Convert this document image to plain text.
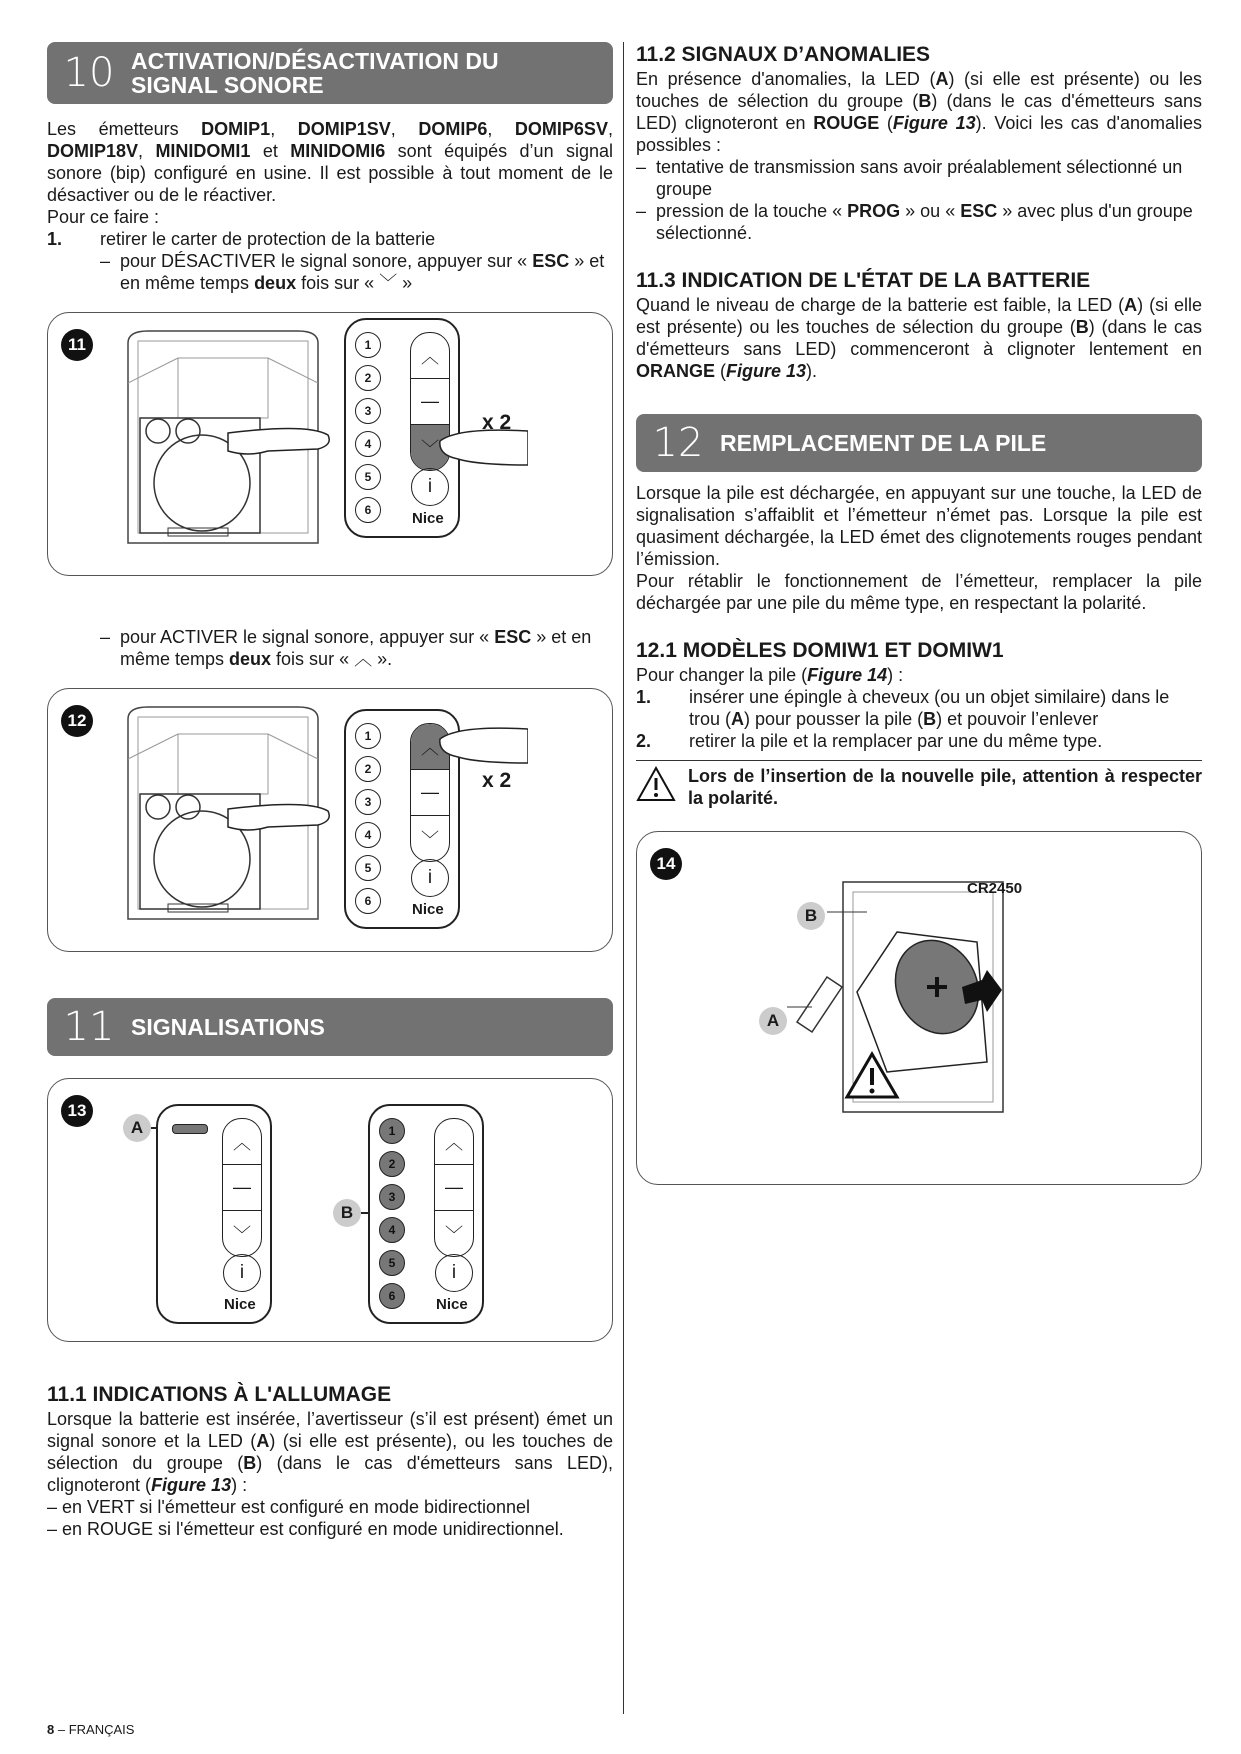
10 ACTIVATION/DÉSACTIVATION DU SIGNAL SONORE

Les émetteurs DOMIP1, DOMIP1SV, DOMIP6, DOMIP6SV, DOMIP18V, MINIDOMI1 et MINIDOMI6 sont équipés d’un signal sonore (bip) configuré en usine. Il est possible à tout moment de le désactiver ou de le réactiver.

Pour ce faire :

1.	retirer le carter de protection de la batterie
– pour DÉSACTIVER le signal sonore, appuyer sur « ESC » et en même temps deux fois sur « ﹀ »
11	1
2
3
4
5
6
︿
—
﹀
i
Nice
x 2
– pour ACTIVER le signal sonore, appuyer sur « ESC » et en même temps deux fois sur « ︿ ».
12
1
2
3
4
5
6
︿
—
﹀
i
Nice
x 2
11 SIGNALISATIONS
13
A
︿
—
﹀
i
Nice
B
1
2
3
4
5
6
︿
—
﹀
i
Nice
11.1 INDICATIONS À L'ALLUMAGE

Lorsque la batterie est insérée, l’avertisseur (s’il est présent) émet un signal sonore et la LED (A) (si elle est présente), ou les touches de sélection du groupe (B) (dans le cas d'émetteurs sans LED), clignoteront (Figure 13) :

– en VERT si l'émetteur est configuré en mode bidirectionnel

– en ROUGE si l'émetteur est configuré en mode unidirectionnel.

11.2 SIGNAUX D’ANOMALIES

En présence d'anomalies, la LED (A) (si elle est présente) ou les touches de sélection du groupe (B) (dans le cas d'émetteurs sans LED) clignoteront en ROUGE (Figure 13). Voici les cas d'anomalies possibles :

– tentative de transmission sans avoir préalablement sélectionné un groupe
– pression de la touche « PROG » ou « ESC » avec plus d'un groupe sélectionné.
11.3 INDICATION DE L'ÉTAT DE LA BATTERIE

Quand le niveau de charge de la batterie est faible, la LED (A) (si elle est présente) ou les touches de sélection du groupe (B) (dans le cas d'émetteurs sans LED) commenceront à clignoter lentement en ORANGE (Figure 13).

12 REMPLACEMENT DE LA PILE

Lorsque la pile est déchargée, en appuyant sur une touche, la LED de signalisation s’affaiblit et l’émetteur n’émet pas. Lorsque la pile est quasiment déchargée, la LED émet des clignotements rouges pendant l’émission.

Pour rétablir le fonctionnement de l’émetteur, remplacer la pile déchargée par une pile du même type, en respectant la polarité.

12.1 MODÈLES DOMIW1 ET DOMIW1

Pour changer la pile (Figure 14) :

1.	insérer une épingle à cheveux (ou un objet similaire) dans le trou (A) pour pousser la pile (B) et pouvoir l’enlever
2.	retirer la pile et la remplacer par une du même type.

Lors de l’insertion de la nouvelle pile, attention à respecter la polarité.

14
CR2450
B
A
8 – FRANÇAIS
